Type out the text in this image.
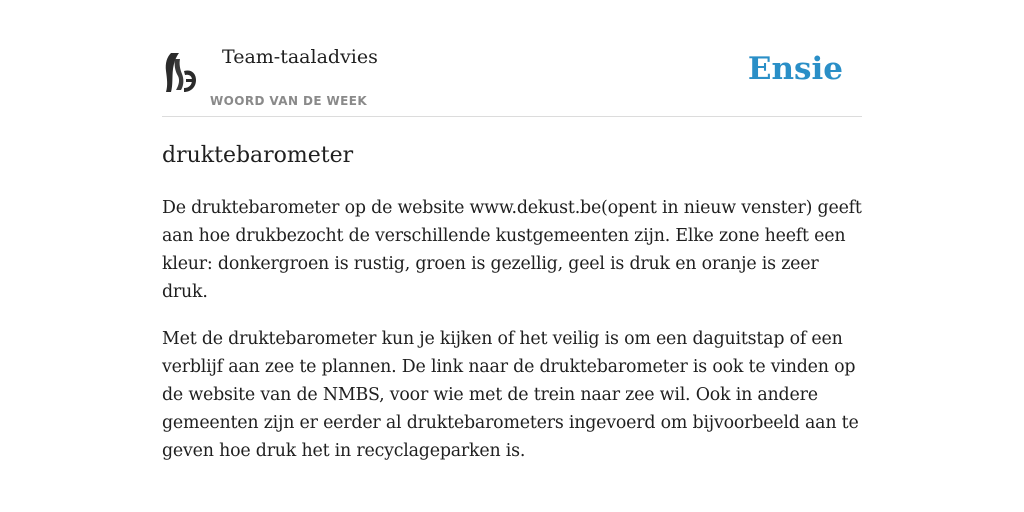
Team-taaladvies
WOORD VAN DE WEEK
Ensie
druktebarometer

De druktebarometer op de website www.dekust.be(opent in nieuw venster) geeft aan hoe drukbezocht de verschillende kustgemeenten zijn. Elke zone heeft een kleur: donkergroen is rustig, groen is gezellig, geel is druk en oranje is zeer druk.

Met de druktebarometer kun je kijken of het veilig is om een daguitstap of een verblijf aan zee te plannen. De link naar de druktebarometer is ook te vinden op de website van de NMBS, voor wie met de trein naar zee wil. Ook in andere gemeenten zijn er eerder al druktebarometers ingevoerd om bijvoorbeeld aan te geven hoe druk het in recyclageparken is.
